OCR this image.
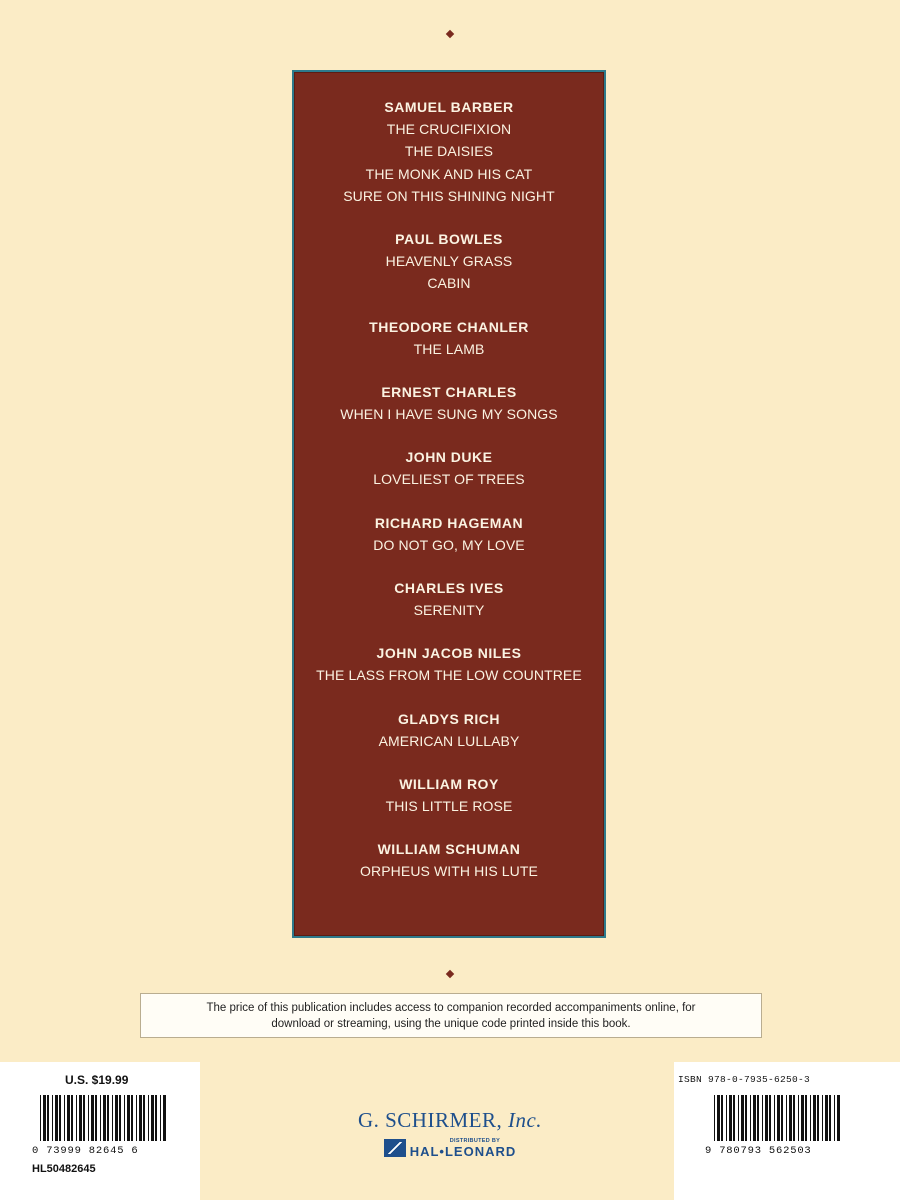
SAMUEL BARBER

THE CRUCIFIXION

THE DAISIES

THE MONK AND HIS CAT

SURE ON THIS SHINING NIGHT

PAUL BOWLES

HEAVENLY GRASS

CABIN

THEODORE CHANLER

THE LAMB

ERNEST CHARLES

WHEN I HAVE SUNG MY SONGS

JOHN DUKE

LOVELIEST OF TREES

RICHARD HAGEMAN

DO NOT GO, MY LOVE

CHARLES IVES

SERENITY

JOHN JACOB NILES

THE LASS FROM THE LOW COUNTREE

GLADYS RICH

AMERICAN LULLABY

WILLIAM ROY

THIS LITTLE ROSE

WILLIAM SCHUMAN

ORPHEUS WITH HIS LUTE

The price of this publication includes access to companion recorded accompaniments online, for
download or streaming, using the unique code printed inside this book.
U.S. $19.99
0 73999 82645 6
HL50482645
ISBN 978-0-7935-6250-3
9 780793 562503

G. SCHIRMER, Inc.

DISTRIBUTED BY
HAL•LEONARD
